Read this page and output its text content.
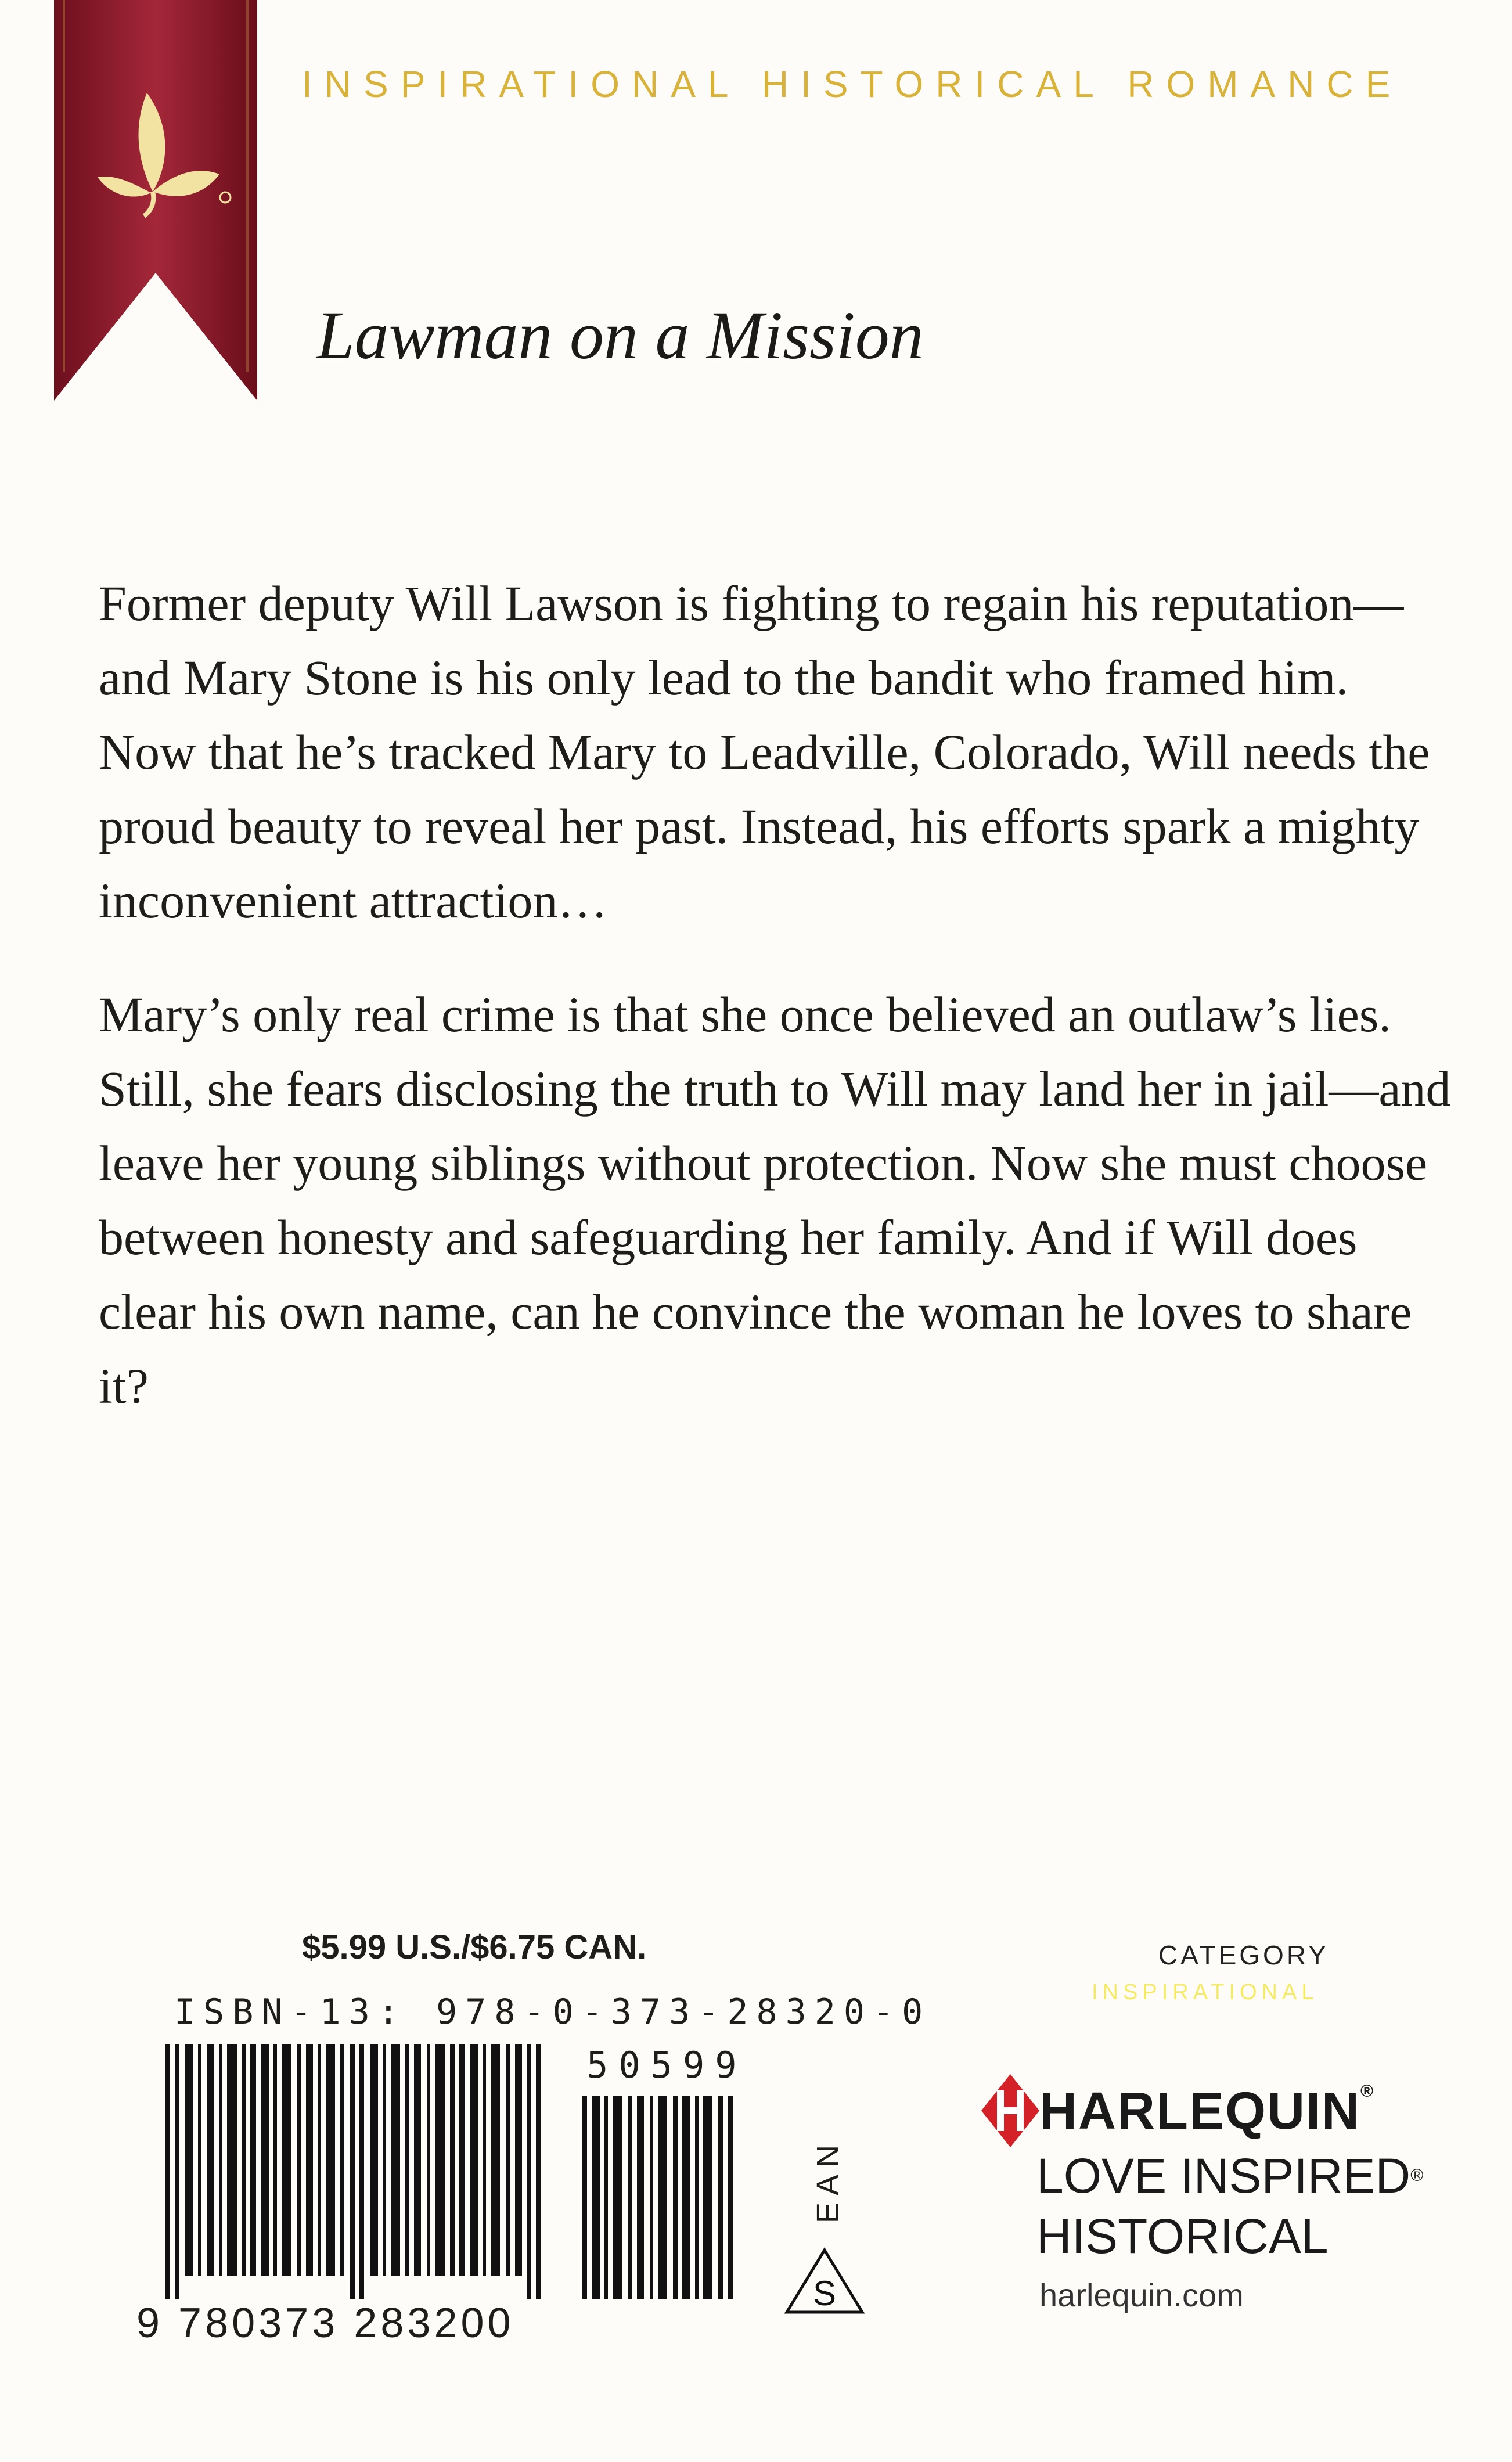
INSPIRATIONAL HISTORICAL ROMANCE
Lawman on a Mission

Former deputy Will Lawson is fighting to regain his reputation—and Mary Stone is his only lead to the bandit who framed him. Now that he’s tracked Mary to Leadville, Colorado, Will needs the proud beauty to reveal her past. Instead, his efforts spark a mighty inconvenient attraction…

Mary’s only real crime is that she once believed an outlaw’s lies. Still, she fears disclosing the truth to Will may land her in jail—and leave her young siblings without protection. Now she must choose between honesty and safeguarding her family. And if Will does clear his own name, can he convince the woman he loves to share it?

$5.99 U.S./$6.75 CAN.
ISBN-13: 978-0-373-28320-0
50599
EAN
S
9 780373 283200
CATEGORY
INSPIRATIONAL
HARLEQUIN®
LOVE INSPIRED®
HISTORICAL
harlequin.com
